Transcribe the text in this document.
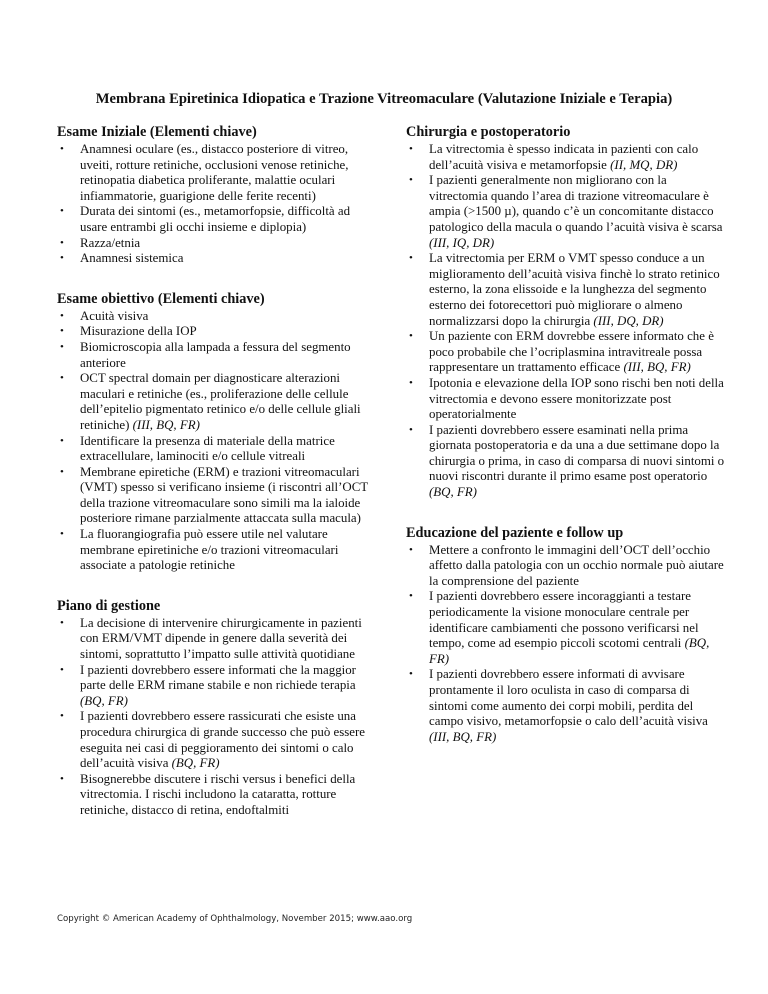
Membrana Epiretinica Idiopatica e Trazione Vitreomaculare (Valutazione Iniziale e Terapia)
Esame Iniziale (Elementi chiave)
• Anamnesi oculare (es., distacco posteriore di vitreo, uveiti, rotture retiniche, occlusioni venose retiniche, retinopatia diabetica proliferante, malattie oculari infiammatorie, guarigione delle ferite recenti)
• Durata dei sintomi (es., metamorfopsie, difficoltà ad usare entrambi gli occhi insieme e diplopia)
• Razza/etnia
• Anamnesi sistemica
Esame obiettivo (Elementi chiave)
• Acuità visiva
• Misurazione della IOP
• Biomicroscopia alla lampada a fessura del segmento anteriore
• OCT spectral domain per diagnosticare alterazioni maculari e retiniche (es., proliferazione delle cellule dell’epitelio pigmentato retinico e/o delle cellule gliali retiniche) (III, BQ, FR)
• Identificare la presenza di materiale della matrice extracellulare, laminociti e/o cellule vitreali
• Membrane epiretiche (ERM) e trazioni vitreomaculari (VMT) spesso si verificano insieme (i riscontri all’OCT della trazione vitreomaculare sono simili ma la ialoide posteriore rimane parzialmente attaccata sulla macula)
• La fluorangiografia può essere utile nel valutare membrane epiretiniche e/o trazioni vitreomaculari associate a patologie retiniche
Piano di gestione
• La decisione di intervenire chirurgicamente in pazienti con ERM/VMT dipende in genere dalla severità dei sintomi, soprattutto l’impatto sulle attività quotidiane
• I pazienti dovrebbero essere informati che la maggior parte delle ERM rimane stabile e non richiede terapia (BQ, FR)
• I pazienti dovrebbero essere rassicurati che esiste una procedura chirurgica di grande successo che può essere eseguita nei casi di peggioramento dei sintomi o calo dell’acuità visiva (BQ, FR)
• Bisognerebbe discutere i rischi versus i benefici della vitrectomia. I rischi includono la cataratta, rotture retiniche, distacco di retina, endoftalmiti
Chirurgia e postoperatorio
• La vitrectomia è spesso indicata in pazienti con calo dell’acuità visiva e metamorfopsie (II, MQ, DR)
• I pazienti generalmente non migliorano con la vitrectomia quando l’area di trazione vitreomaculare è ampia (>1500 µ), quando c’è un concomitante distacco patologico della macula o quando l’acuità visiva è scarsa (III, IQ, DR)
• La vitrectomia per ERM o VMT spesso conduce a un miglioramento dell’acuità visiva finchè lo strato retinico esterno, la zona elissoide e la lunghezza del segmento esterno dei fotorecettori può migliorare o almeno normalizzarsi dopo la chirurgia (III, DQ, DR)
• Un paziente con ERM dovrebbe essere informato che è poco probabile che l’ocriplasmina intravitreale possa rappresentare un trattamento efficace (III, BQ, FR)
• Ipotonia e elevazione della IOP sono rischi ben noti della vitrectomia e devono essere monitorizzate post operatorialmente
• I pazienti dovrebbero essere esaminati nella prima giornata postoperatoria e da una a due settimane dopo la chirurgia o prima, in caso di comparsa di nuovi sintomi o nuovi riscontri durante il primo esame post operatorio (BQ, FR)
Educazione del paziente e follow up
• Mettere a confronto le immagini dell’OCT dell’occhio affetto dalla patologia con un occhio normale può aiutare la comprensione del paziente
• I pazienti dovrebbero essere incoraggianti a testare periodicamente la visione monoculare centrale per identificare cambiamenti che possono verificarsi nel tempo, come ad esempio piccoli scotomi centrali (BQ, FR)
• I pazienti dovrebbero essere informati di avvisare prontamente il loro oculista in caso di comparsa di sintomi come aumento dei corpi mobili, perdita del campo visivo, metamorfopsie o calo dell’acuità visiva (III, BQ, FR)
Copyright © American Academy of Ophthalmology, November 2015; www.aao.org
